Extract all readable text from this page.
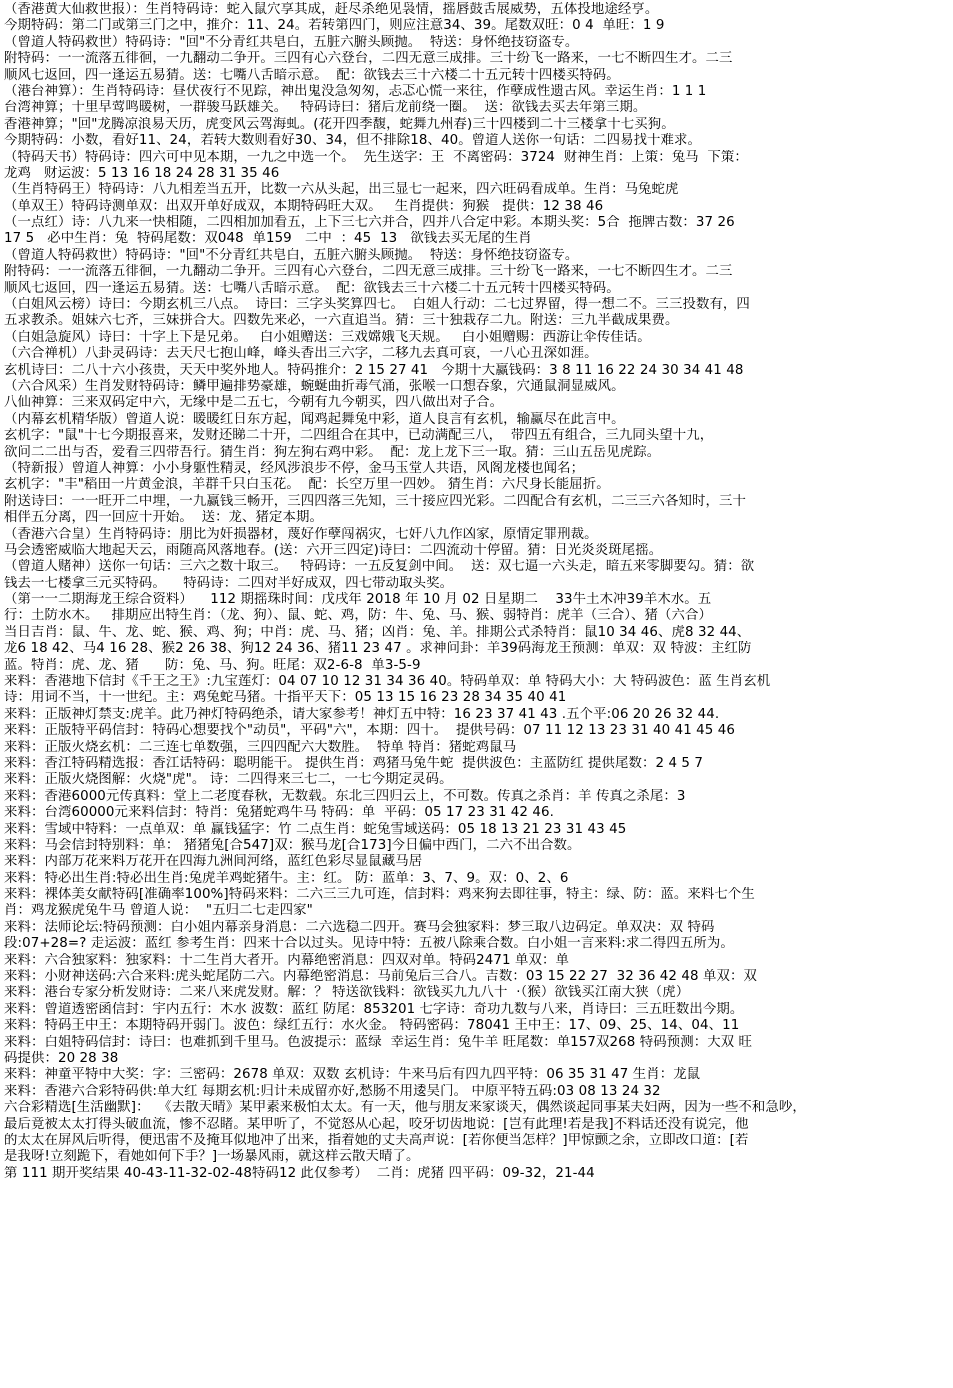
（香港黄大仙救世报）：生肖特码诗：蛇入鼠穴享其成，赶尽杀绝见袅情，摇唇鼓舌展威势，五体投地途经亨。
今期特码：第二门或第三门之中，推介：11、24。若转第四门，则应注意34、39。尾数双旺：0 4  单旺：1 9
（曾道人特码救世）特码诗："回"不分青红共皂白，五脏六腑头顾抛。  特送：身怀绝技窃盗专。
附特码：一一流落五徘徊，一九翻动二争开。三四有心六登台，二四无意三成排。三十纷飞一路来，一七不断四生才。二三
顺风七返回，四一逢运五易猜。送：七嘴八舌暗示意。  配：欲钱去三十六楼二十五元转十四楼买特码。
（港台神算）：生肖特码诗：昼伏夜行不见踪，神出鬼没急匆匆，忐忑心慌一来往，作孽成性遗古风。幸运生肖：1 1 1
台湾神算；十里早莺鸣暖树，一群骏马跃雄关。   特码诗曰：猪后龙前绕一圈。  送：欲钱去买去年第三期。
香港神算；"回"龙腾凉浪易天历，虎变风云驾海虬。(花开四季馥，蛇舞九州春)三十四楼到二十三楼拿十七买狗。
今期特码：小数，看好11、24，若转大数则看好30、34，但不排除18、40。曾道人送你一句话：二四易找十难求。
（特码天书）特码诗：四六可中见本期，一九之中选一个。  先生送字：王  不离密码：3724  财神生肖：上策：兔马  下策：
龙鸡   财运波：5 13 16 18 24 28 31 35 46
（生肖特码王）特码诗：八九相差当五开，比数一六从头起，出三显七一起来，四六旺码看成单。生肖：马兔蛇虎
（单双王）特码诗测单双：出双开单好成双，本期特码旺大双。   生肖提供：狗猴   提供：12 38 46
（一点红）诗：八九来一快相随，二四相加加看五，上下三七六并合，四并八合定中彩。本期头奖：5合  拖牌古数：37 26
17 5   必中生肖：兔  特码尾数：双048  单159   二中  ：45  13   欲钱去买无尾的生肖
（曾道人特码救世）特码诗："回"不分青红共皂白，五脏六腑头顾抛。  特送：身怀绝技窃盗专。
附特码：一一流落五徘徊，一九翻动二争开。三四有心六登台，二四无意三成排。三十纷飞一路来，一七不断四生才。二三
顺风七返回，四一逢运五易猜。送：七嘴八舌暗示意。  配：欲钱去三十六楼二十五元转十四楼买特码。
（白姐风云榜）诗曰：今期玄机三八点。  诗曰：三字头奖算四七。  白姐人行动：二七过界留，得一想二不。三三投数有，四
五求教杀。姐妹六七齐，三妹拼合大。四数先来必，一六直追当。猜：三十独栽存二九。附送：三九半截成果费。
（白姐急旋风）诗曰：十字上下是兄弟。   白小姐赠送：三戏嫦娥飞天规。   白小姐赠赐：西游让伞传佳话。
（六合禅机）八卦灵码诗：去天尺七抱山峰，峰头香出三六字，二移九去真可哀，一八心丑深如涯。
玄机诗曰：二八十六小孩贵，天天中奖外地人。特码推介：2 15 27 41   今期十大赢钱码：3 8 11 16 22 24 30 34 41 48
（六合风采）生肖发财特码诗：鳞甲遍排势豪雄，蜿蜒曲折毒气涌，张喉一口想吞象，穴通鼠洞显威风。
八仙神算：三来双码定中六，无缘中是二五七，今朝有九今朝买，四八做出对子合。
（内幕玄机精华版）曾道人说：暖暖红日东方起，闻鸡起舞兔中彩，道人良言有玄机，输赢尽在此言中。
玄机字："鼠"十七今期报喜来，发财还睇二十开，二四组合在其中，已动满配三八，  带四五有组合，三九同头望十九，
欲问二二出与否，爱看三四带吾行。猜生肖：狗左狗右鸡中彩。  配：龙上龙下三一取。猜：三山五岳见虎踪。
（特新报）曾道人神算：小小身躯性精灵，经风涉浪步不停，金马玉堂人共语，风阁龙楼也闻名；
玄机字："丰"稻田一片黄金浪，羊群千只白玉花。  配：长空万里一四妙。 猜生肖：六尺身长能屈折。
附送诗曰：一一旺开二中埋，一九赢钱三畅开，三四四落三先知，三十接应四光彩。二四配合有玄机，二三三六各知时，三十
相伴五分离，四一回应十开始。  送：龙、猪定本期。
（香港六合皇）生肖特码诗：朋比为奸损器材，蔑好作孽闯祸灾，七奸八九作凶家，原情定罪刑裁。
马会透密威临大地起天云，雨随高风落地春。(送：六开三四定)诗曰：二四流动十停留。猜：日光炎炎斑尾摇。
（曾道人赌神）送你一句话：三六之数十取三。   特码诗：一五反复剑中间。  送：双七逼一六头走，暗五来零脚要勾。猜：欲
钱去一七楼拿三元买特码。    特码诗：二四对半好成双，四七带动取头奖。
（第一一二期海龙王综合资料）    112 期摇珠时间：戊戌年 2018 年 10 月 02 日星期二    33牛土木冲39羊木水。五
行：土防水木。   排期应出特生肖：（龙、狗）、鼠、蛇、鸡，防：牛、兔、马、猴、弱特肖：虎羊（三合）、猪（六合）
当日吉肖：鼠、牛、龙、蛇、猴、鸡、狗；中肖：虎、马、猪；凶肖：兔、羊。排期公式杀特肖：鼠10 34 46、虎8 32 44、
龙6 18 42、马4 16 28、猴2 26 38、狗12 24 36、猪11 23 47 。求神问卦：羊39码海龙王预测：单双：双 特波：主红防
蓝。特肖：虎、龙、猪      防：兔、马、狗。旺尾：双2-6-8  单3-5-9
来料：香港地下信封《千王之王》:九宝莲灯：04 07 10 12 31 34 36 40。特码单双：单 特码大小：大 特码波色：蓝 生肖玄机
诗：用词不当，十一世纪。主：鸡兔蛇马猪。十指平天下：05 13 15 16 23 28 34 35 40 41
来料：正版神灯禁支:虎羊。此乃神灯特码绝杀，请大家参考！神灯五中特：16 23 37 41 43 .五个平:06 20 26 32 44.
来料：正版特平码信封：特码心想要找个"动员"，平码"六"，本期：四十。  提供号码：07 11 12 13 23 31 40 41 45 46
来料：正版火烧玄机：二三连七单数强，三四四配六大数胜。  特单 特肖：猪蛇鸡鼠马
来料：香江特码精选报：香江话特码：聪明能干。 提供生肖：鸡猪马兔牛蛇  提供波色：主蓝防红 提供尾数：2 4 5 7
来料：正版火烧图解：火烧"虎"。 诗：二四得来三七二，一七今期定灵码。
来料：香港6000元传真料：堂上二老度春秋，无数载。东北三四归云上，不可数。传真之杀肖：羊 传真之杀尾：3
来料：台湾60000元来料信封：特肖：兔猪蛇鸡牛马 特码：单  平码：05 17 23 31 42 46.
来料：雪域中特料：一点单双：单 赢钱猛字：竹 二点生肖：蛇兔雪域送码：05 18 13 21 23 31 43 45
来料：马会信封特别料：单： 猪猪兔[合547]双：猴马龙[合173]今日偏中西门，二六不出合数。
来料：内部万花来料万花开在四海九洲间河络，蓝红色彩尽显鼠藏马居
来料：特必出生肖:特必出生肖:兔虎羊鸡蛇猪牛。主：红。 防：蓝单：3、7、9。双：0、2、6
来料：裸体美女献特码[准确率100%]特码来料：二六三三九可连，信封料：鸡来狗去即往事，特主：绿、防：蓝。来料七个生
肖：鸡龙猴虎兔牛马 曾道人说：  "五归二七走四家"
来料：法师论坛:特码预测：白小姐内幕亲身消息：二六选稳二四开。赛马会独家料：梦三取八边码定。单双决：双 特码
段:07+28=? 走运波：蓝红 参考生肖：四来十合以过头。见诗中特：五被八除乘合数。白小姐一言来料:求二得四五所为。
来料：六合独家料：独家料：十二生肖大者开。内幕绝密消息：四双对单。特码2471 单双：单
来料：小财神送码:六合来料:虎头蛇尾防二六。内幕绝密消息：马前兔后三合八。吉数：03 15 22 27  32 36 42 48 单双：双
来料：港台专家分析发财诗：二来八来虎发财。解：？ 特送欲钱料：欲钱买九九八十  ·（猴）欲钱买江南大狭（虎）
来料：曾道透密函信封：宇内五行：木水 波数：蓝红 防尾：853201 七字诗：奇功九数与八来，肖诗曰：三五旺数出今期。
来料：特码王中王：本期特码开弱门。波色：绿红五行：水火金。 特码密码：78041 王中王：17、09、25、14、04、11
来料：白姐特码信封：诗曰：也难抓到千里马。色波提示：蓝绿  幸运生肖：兔牛羊 旺尾数：单157双268 特码预测：大双 旺
码提供：20 28 38
来料：神童平特中大奖：字：三密码：2678 单双：双数 玄机诗：牛来马后有四九四平特：06 35 31 47 生肖：龙鼠
来料：香港六合彩特码供:单大红 每期玄机:归计未成留亦好,愁肠不用逶吴门。 中原平特五码:03 08 13 24 32
六合彩精选[生活幽默]：  《去散天晴》某甲素来极怕太太。有一天，他与朋友来家谈天，偶然谈起同事某夫妇两，因为一些不和急吵，
最后竟被太太打得头破血流，惨不忍睹。某甲听了，不觉怒从心起，咬牙切齿地说：[岂有此理!若是我]不料话还没有说完，他
的太太在屏风后听得，便迅雷不及掩耳似地冲了出来，指着她的丈夫高声说：[若你便当怎样？]甲惊颤之余，立即改口道：[若
是我呀!立刻跪下，看她如何下手？]一场暴风雨，就这样云散天晴了。
第 111 期开奖结果 40-43-11-32-02-48特码12 此仅参考）  二肖：虎猪 四平码：09-32，21-44
